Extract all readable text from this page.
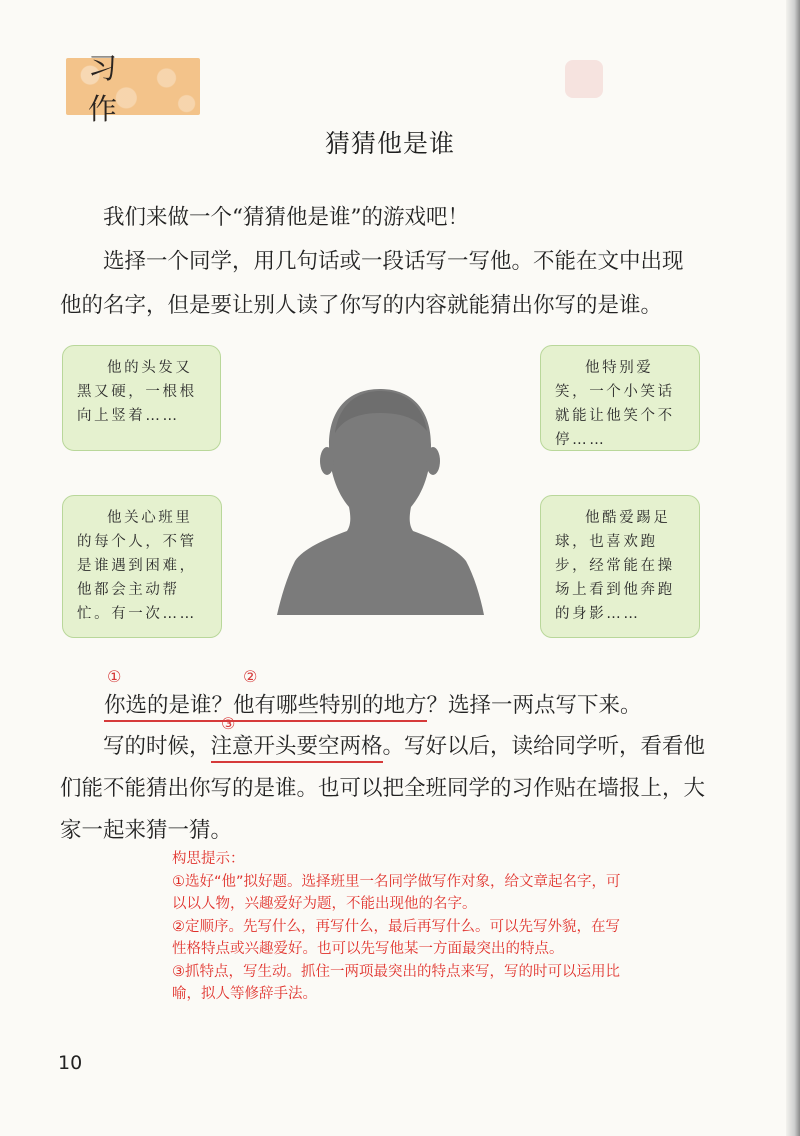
习 作
猜猜他是谁

我们来做一个“猜猜他是谁”的游戏吧！

选择一个同学，用几句话或一段话写一写他。不能在文中出现他的名字，但是要让别人读了你写的内容就能猜出你写的是谁。

他的头发又黑又硬，一根根向上竖着……

他特别爱笑，一个小笑话就能让他笑个不停……

他关心班里的每个人，不管是谁遇到困难，他都会主动帮忙。有一次……

他酷爱踢足球，也喜欢跑步，经常能在操场上看到他奔跑的身影……

①	②
③
你选的是谁？他有哪些特别的地方？选择一两点写下来。

写的时候，注意开头要空两格。写好以后，读给同学听，看看他们能不能猜出你写的是谁。也可以把全班同学的习作贴在墙报上，大家一起来猜一猜。

构思提示：
①选好“他”拟好题。选择班里一名同学做写作对象，给文章起名字，可以以人物，兴趣爱好为题，不能出现他的名字。
②定顺序。先写什么，再写什么，最后再写什么。可以先写外貌，在写性格特点或兴趣爱好。也可以先写他某一方面最突出的特点。
③抓特点，写生动。抓住一两项最突出的特点来写，写的时可以运用比喻，拟人等修辞手法。
10
